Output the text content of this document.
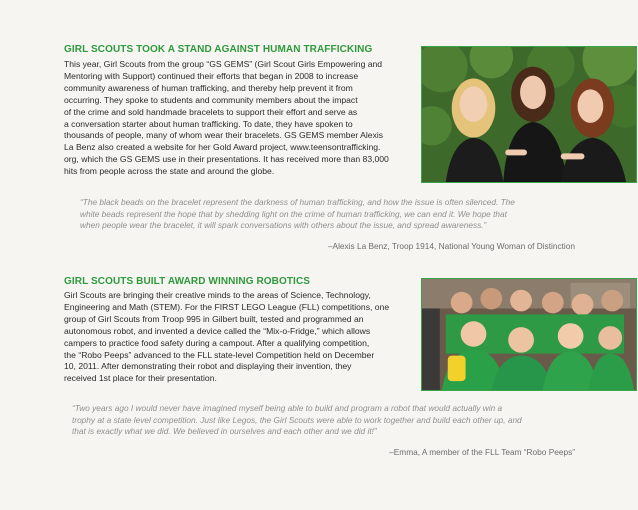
GIRL SCOUTS TOOK A STAND AGAINST HUMAN TRAFFICKING
This year, Girl Scouts from the group “GS GEMS” (Girl Scout Girls Empowering and
Mentoring with Support) continued their efforts that began in 2008 to increase
community awareness of human trafficking, and thereby help prevent it from
occurring. They spoke to students and community members about the impact
of the crime and sold handmade bracelets to support their effort and serve as
a conversation starter about human trafficking. To date, they have spoken to
thousands of people, many of whom wear their bracelets. GS GEMS member Alexis
La Benz also created a website for her Gold Award project, www.teensontrafficking.
org, which the GS GEMS use in their presentations. It has received more than 83,000
hits from people across the state and around the globe.
“The black beads on the bracelet represent the darkness of human trafficking, and how the issue is often silenced. The
white beads represent the hope that by shedding light on the crime of human trafficking, we can end it. We hope that
when people wear the bracelet, it will spark conversations with others about the issue, and spread awareness.”
–Alexis La Benz, Troop 1914, National Young Woman of Distinction
GIRL SCOUTS BUILT AWARD WINNING ROBOTICS
Girl Scouts are bringing their creative minds to the areas of Science, Technology,
Engineering and Math (STEM). For the FIRST LEGO League (FLL) competitions, one
group of Girl Scouts from Troop 995 in Gilbert built, tested and programmed an
autonomous robot, and invented a device called the “Mix-o-Fridge,” which allows
campers to practice food safety during a campout. After a qualifying competition,
the “Robo Peeps” advanced to the FLL state-level Competition held on December
10, 2011. After demonstrating their robot and displaying their invention, they
received 1st place for their presentation.
“Two years ago I would never have imagined myself being able to build and program a robot that would actually win a
trophy at a state level competition. Just like Legos, the Girl Scouts were able to work together and build each other up, and
that is exactly what we did. We believed in ourselves and each other and we did it!”
–Emma, A member of the FLL Team “Robo Peeps”
